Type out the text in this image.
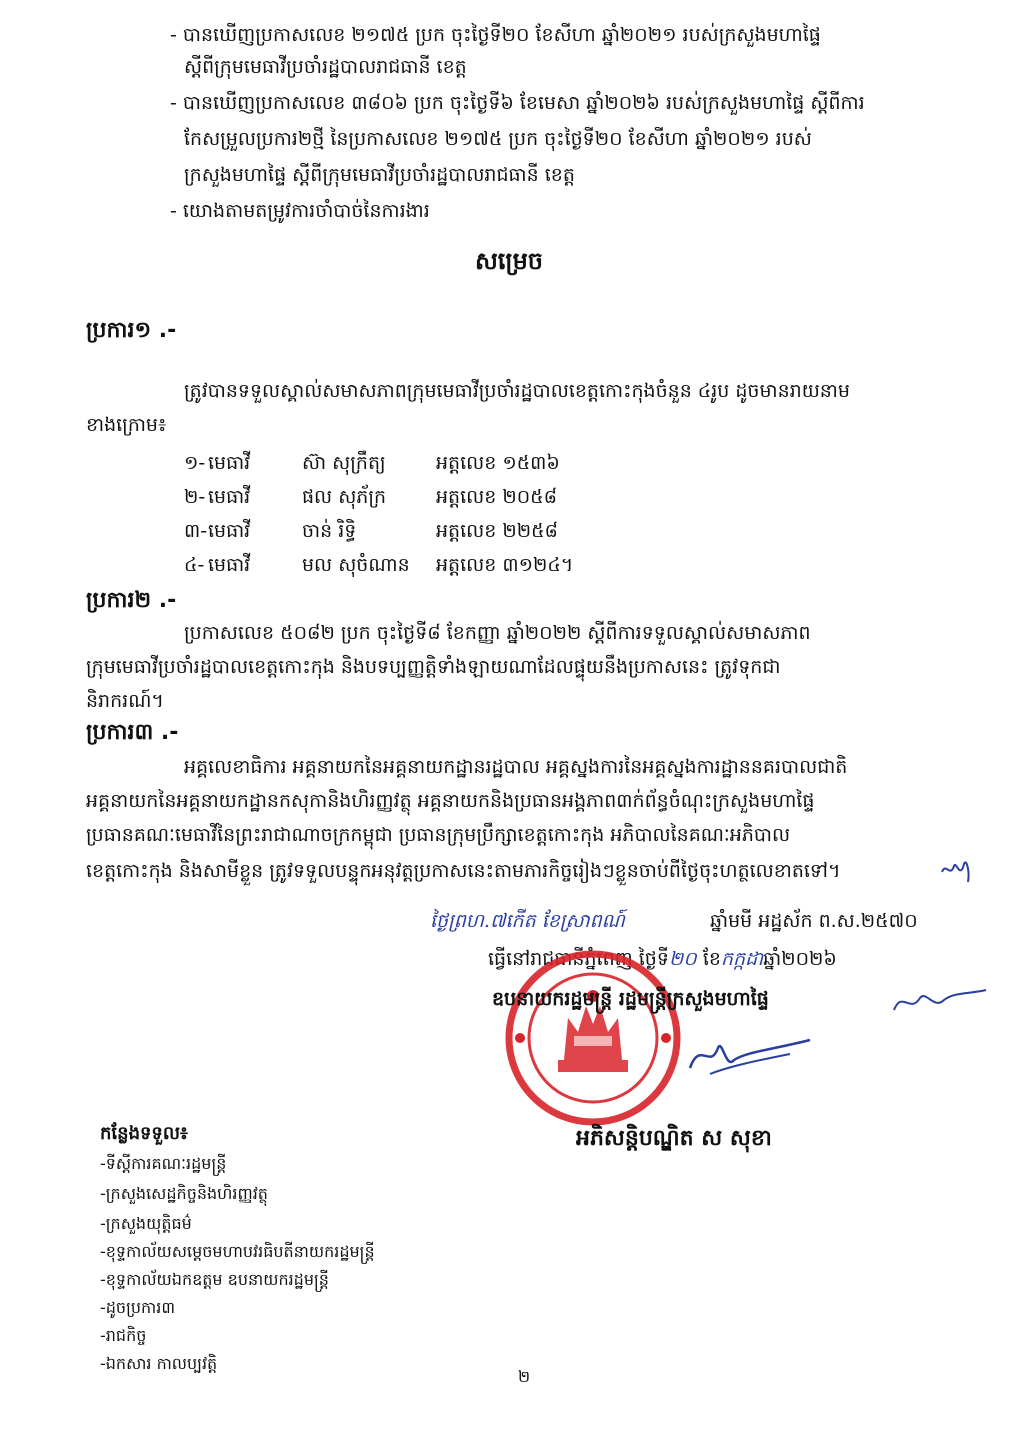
- បានឃើញប្រកាសលេខ ២១៧៥ ប្រក ចុះថ្ងៃទី២០ ខែសីហា ឆ្នាំ២០២១ របស់ក្រសួងមហាផ្ទៃ
ស្ដីពីក្រុមមេធាវីប្រចាំរដ្ឋបាលរាជធានី ខេត្ត
- បានឃើញប្រកាសលេខ ៣៨០៦ ប្រក ចុះថ្ងៃទី៦ ខែមេសា ឆ្នាំ២០២៦ របស់ក្រសួងមហាផ្ទៃ ស្ដីពីការ
កែសម្រួលប្រការ២ថ្មី នៃប្រកាសលេខ ២១៧៥ ប្រក ចុះថ្ងៃទី២០ ខែសីហា ឆ្នាំ២០២១ របស់
ក្រសួងមហាផ្ទៃ ស្ដីពីក្រុមមេធាវីប្រចាំរដ្ឋបាលរាជធានី ខេត្ត
- យោងតាមតម្រូវការចាំបាច់នៃការងារ
សម្រេច
ប្រការ១ .-
ត្រូវបានទទួលស្គាល់សមាសភាពក្រុមមេធាវីប្រចាំរដ្ឋបាលខេត្តកោះកុងចំនួន ៤រូប ដូចមានរាយនាម
ខាងក្រោម៖
១- មេធាវី	ស៊ា សុក្រឹត្យ	អត្តលេខ ១៥៣៦
២- មេធាវី	ផល សុភ័ក្រ	អត្តលេខ ២០៥៨
៣- មេធាវី	ចាន់ រិទ្ធិ	អត្តលេខ ២២៥៨
៤- មេធាវី	មល សុចំណាន អត្តលេខ ៣១២៤។
ប្រការ២ .-
ប្រកាសលេខ ៥០៨២ ប្រក ចុះថ្ងៃទី៨ ខែកញ្ញា ឆ្នាំ២០២២ ស្ដីពីការទទួលស្គាល់សមាសភាព
ក្រុមមេធាវីប្រចាំរដ្ឋបាលខេត្តកោះកុង និងបទប្បញ្ញត្តិទាំងឡាយណាដែលផ្ទុយនឹងប្រកាសនេះ ត្រូវទុកជា
និរាករណ៍។
ប្រការ៣ .-
អគ្គលេខាធិការ អគ្គនាយកនៃអគ្គនាយកដ្ឋានរដ្ឋបាល អគ្គស្នងការនៃអគ្គស្នងការដ្ឋាននគរបាលជាតិ
អគ្គនាយកនៃអគ្គនាយកដ្ឋានកសុកានិងហិរញ្ញវត្ថុ អគ្គនាយកនិងប្រធានអង្គភាព៣ក់ព័ន្ធចំណុះក្រសួងមហាផ្ទៃ
ប្រធានគណៈមេធាវីនៃព្រះរាជាណាចក្រកម្ពុជា ប្រធានក្រុមប្រឹក្សាខេត្តកោះកុង អភិបាលនៃគណៈអភិបាល
ខេត្តកោះកុង និងសាមីខ្លួន ត្រូវទទួលបន្ទុកអនុវត្តប្រកាសនេះតាមភារកិច្ចរៀងៗខ្លួនចាប់ពីថ្ងៃចុះហត្ថលេខាតទៅ។
ថ្ងៃព្រហ.៧កើត ខែស្រាពណ៍	ឆ្នាំមមី អដ្ឋស័ក ព.ស.២៥៧០
ធ្វើនៅរាជធានីភ្នំពេញ ថ្ងៃទី២០ ខែកក្កដាឆ្នាំ២០២៦
ឧបនាយករដ្ឋមន្ត្រី រដ្ឋមន្ត្រីក្រសួងមហាផ្ទៃ
អភិសន្តិបណ្ឌិត ស សុខា
កន្លែងទទួល៖
-ទីស្ដីការគណៈរដ្ឋមន្ត្រី
-ក្រសួងសេដ្ឋកិច្ចនិងហិរញ្ញវត្ថុ
-ក្រសួងយុត្តិធម៌
-ខុទ្ទកាល័យសម្ដេចមហាបវរធិបតីនាយករដ្ឋមន្ត្រី
-ខុទ្ទកាល័យឯកឧត្តម ឧបនាយករដ្ឋមន្ត្រី
-ដូចប្រការ៣
-រាជកិច្ច
-ឯកសារ កាលប្បវត្តិ
២
